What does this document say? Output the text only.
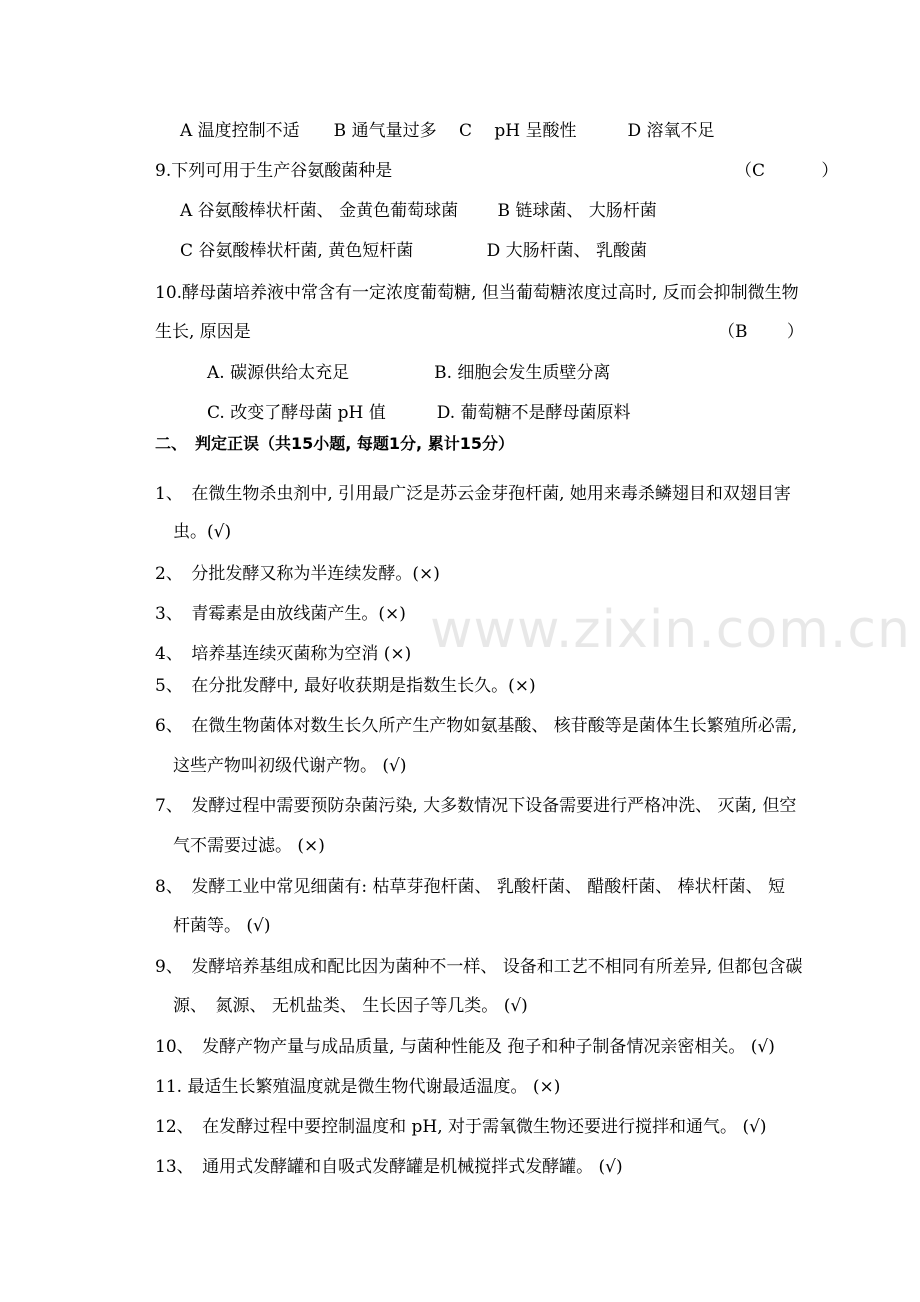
www.zixin.com.cn
A 温度控制不适　　B 通气量过多　 C　 pH 呈酸性　　　D 溶氧不足
9.下列可用于生产谷氨酸菌种是	（C　　　 ）
A 谷氨酸棒状杆菌、 金黄色葡萄球菌　　 B 链球菌、 大肠杆菌
C 谷氨酸棒状杆菌, 黄色短杆菌　　　　 D 大肠杆菌、 乳酸菌
10.酵母菌培养液中常含有一定浓度葡萄糖, 但当葡萄糖浓度过高时, 反而会抑制微生物
生长, 原因是	（B　　 ）
A. 碳源供给太充足　　　　　B. 细胞会发生质壁分离
C. 改变了酵母菌 pH 值　　　D. 葡萄糖不是酵母菌原料
二、　判定正误（共15小题, 每题1分, 累计15分）
1、　在微生物杀虫剂中, 引用最广泛是苏云金芽孢杆菌, 她用来毒杀鳞翅目和双翅目害
虫。(√)
2、　分批发酵又称为半连续发酵。(×)
3、　青霉素是由放线菌产生。(×)
4、　培养基连续灭菌称为空消 (×)
5、　在分批发酵中, 最好收获期是指数生长久。(×)
6、　在微生物菌体对数生长久所产生产物如氨基酸、 核苷酸等是菌体生长繁殖所必需,
这些产物叫初级代谢产物。 (√)
7、　发酵过程中需要预防杂菌污染, 大多数情况下设备需要进行严格冲洗、 灭菌, 但空
气不需要过滤。 (×)
8、　发酵工业中常见细菌有: 枯草芽孢杆菌、 乳酸杆菌、 醋酸杆菌、 棒状杆菌、 短
杆菌等。 (√)
9、　发酵培养基组成和配比因为菌种不一样、 设备和工艺不相同有所差异, 但都包含碳
源、　氮源、 无机盐类、 生长因子等几类。 (√)
10、　发酵产物产量与成品质量, 与菌种性能及 孢子和种子制备情况亲密相关。 (√)
11. 最适生长繁殖温度就是微生物代谢最适温度。 (×)
12、　在发酵过程中要控制温度和 pH, 对于需氧微生物还要进行搅拌和通气。 (√)
13、　通用式发酵罐和自吸式发酵罐是机械搅拌式发酵罐。 (√)
